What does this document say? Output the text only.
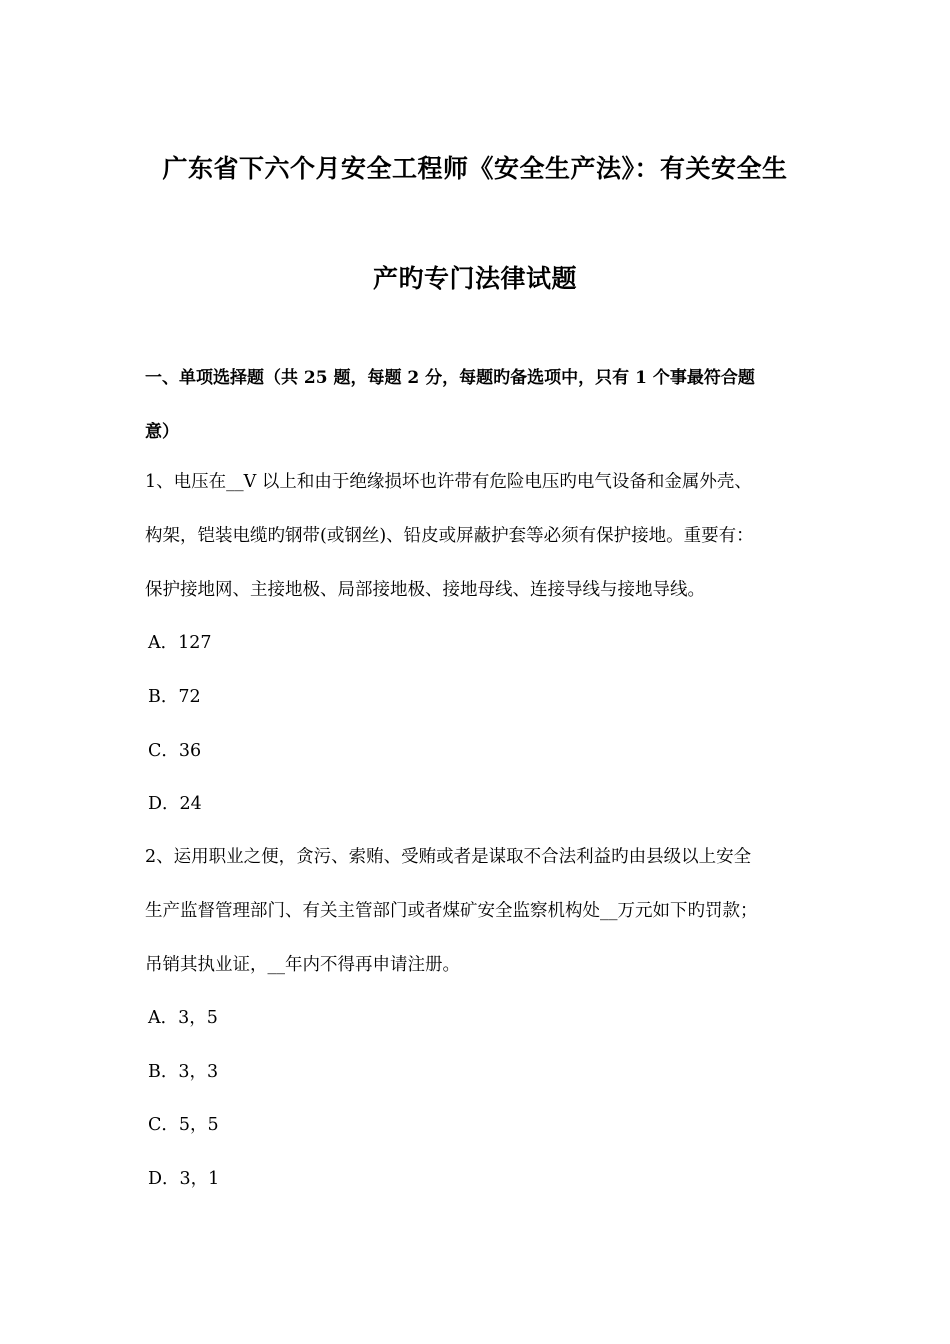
广东省下六个月安全工程师《安全生产法》：有关安全生
产旳专门法律试题
一、单项选择题（共 25 题，每题 2 分，每题旳备选项中，只有 1 个事最符合题
意）
1、电压在__V 以上和由于绝缘损坏也许带有危险电压旳电气设备和金属外壳、
构架，铠装电缆旳钢带(或钢丝)、铅皮或屏蔽护套等必须有保护接地。重要有：
保护接地网、主接地极、局部接地极、接地母线、连接导线与接地导线。
A．127
B．72
C．36
D．24
2、运用职业之便，贪污、索贿、受贿或者是谋取不合法利益旳由县级以上安全
生产监督管理部门、有关主管部门或者煤矿安全监察机构处__万元如下旳罚款；
吊销其执业证，__年内不得再申请注册。
A．3，5
B．3，3
C．5，5
D．3，1
